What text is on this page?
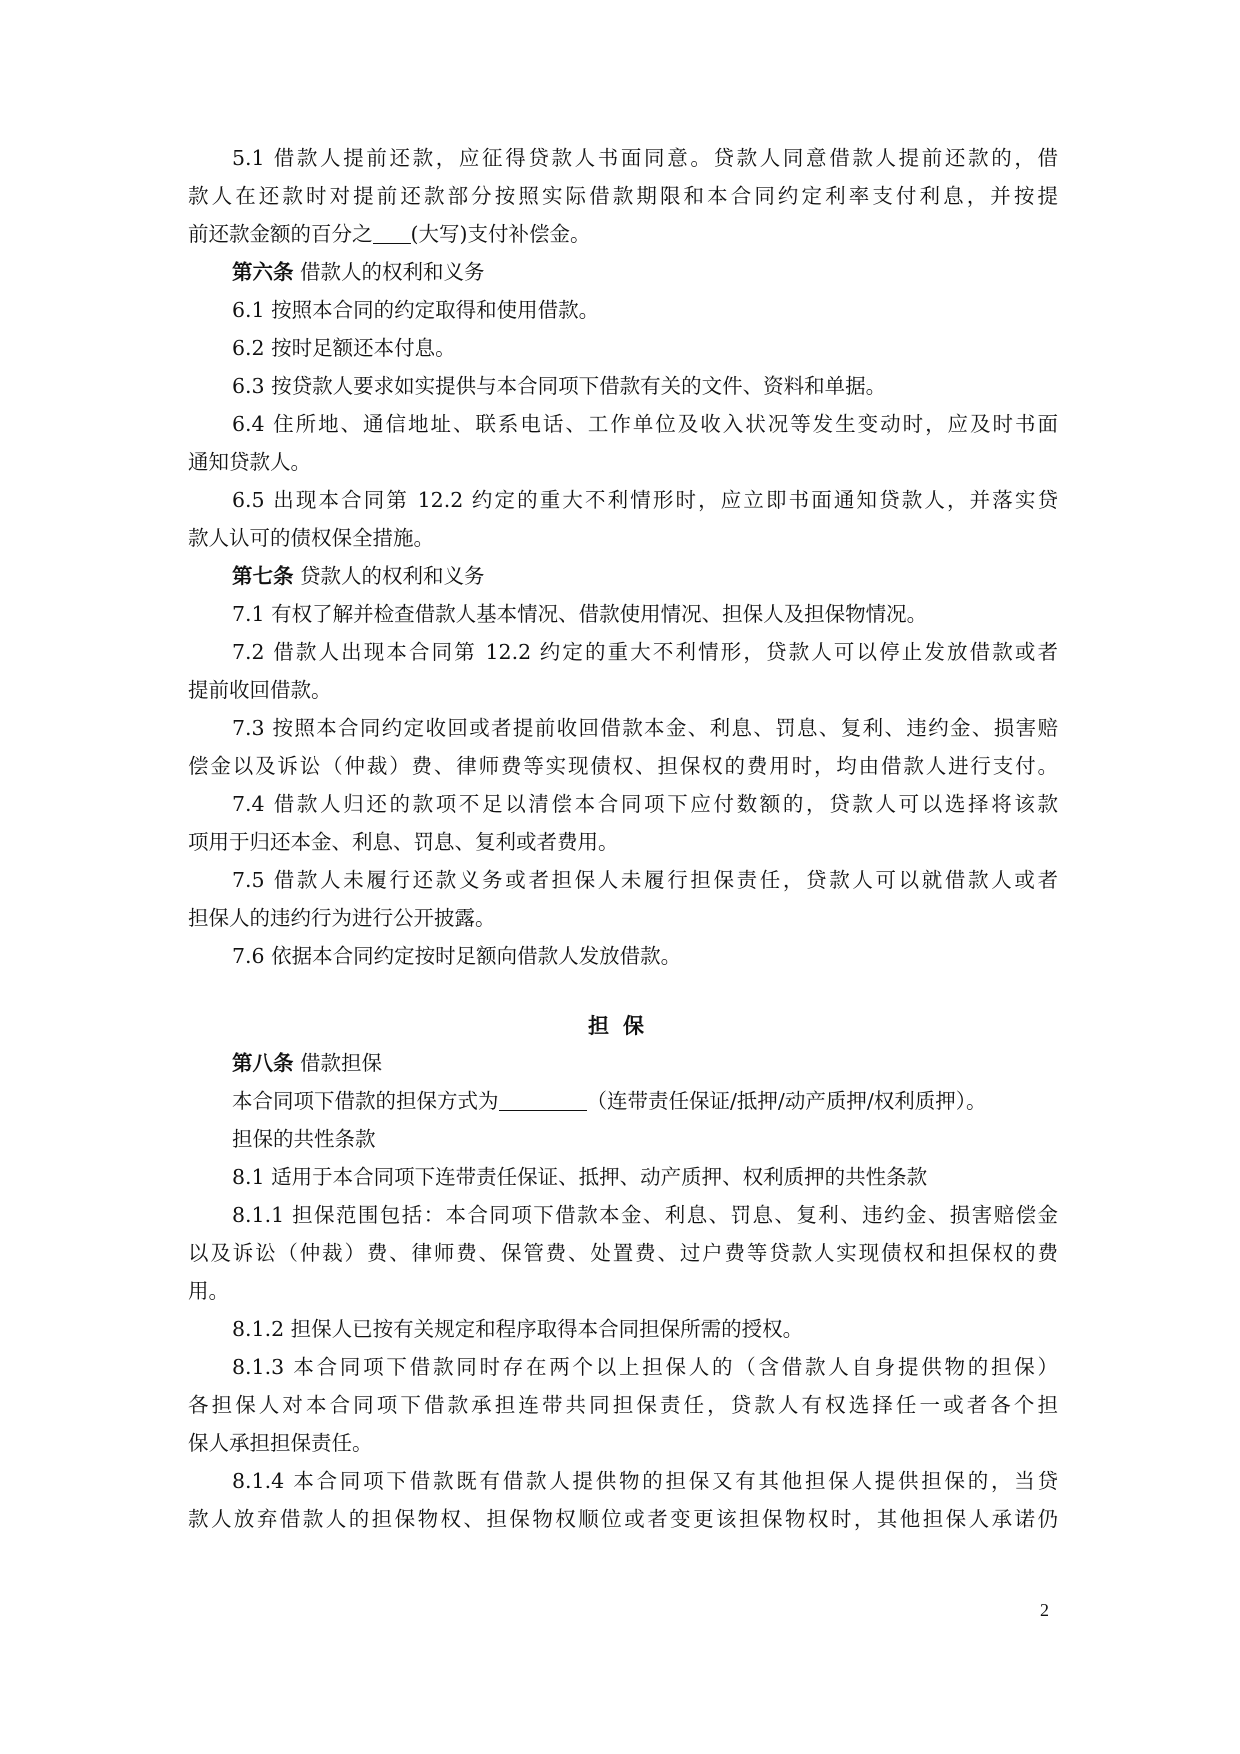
5.1 借款人提前还款，应征得贷款人书面同意。贷款人同意借款人提前还款的，借
款人在还款时对提前还款部分按照实际借款期限和本合同约定利率支付利息，并按提
前还款金额的百分之 (大写)支付补偿金。
第六条 借款人的权利和义务
6.1 按照本合同的约定取得和使用借款。
6.2 按时足额还本付息。
6.3 按贷款人要求如实提供与本合同项下借款有关的文件、资料和单据。
6.4 住所地、通信地址、联系电话、工作单位及收入状况等发生变动时，应及时书面
通知贷款人。
6.5 出现本合同第 12.2 约定的重大不利情形时，应立即书面通知贷款人，并落实贷
款人认可的债权保全措施。
第七条 贷款人的权利和义务
7.1 有权了解并检查借款人基本情况、借款使用情况、担保人及担保物情况。
7.2 借款人出现本合同第 12.2 约定的重大不利情形，贷款人可以停止发放借款或者
提前收回借款。
7.3 按照本合同约定收回或者提前收回借款本金、利息、罚息、复利、违约金、损害赔
偿金以及诉讼（仲裁）费、律师费等实现债权、担保权的费用时，均由借款人进行支付。
7.4 借款人归还的款项不足以清偿本合同项下应付数额的，贷款人可以选择将该款
项用于归还本金、利息、罚息、复利或者费用。
7.5 借款人未履行还款义务或者担保人未履行担保责任，贷款人可以就借款人或者
担保人的违约行为进行公开披露。
7.6 依据本合同约定按时足额向借款人发放借款。
担保
第八条 借款担保
本合同项下借款的担保方式为	（连带责任保证/抵押/动产质押/权利质押）。
担保的共性条款
8.1 适用于本合同项下连带责任保证、抵押、动产质押、权利质押的共性条款
8.1.1 担保范围包括：本合同项下借款本金、利息、罚息、复利、违约金、损害赔偿金
以及诉讼（仲裁）费、律师费、保管费、处置费、过户费等贷款人实现债权和担保权的费
用。
8.1.2 担保人已按有关规定和程序取得本合同担保所需的授权。
8.1.3 本合同项下借款同时存在两个以上担保人的（含借款人自身提供物的担保）
各担保人对本合同项下借款承担连带共同担保责任，贷款人有权选择任一或者各个担
保人承担担保责任。
8.1.4 本合同项下借款既有借款人提供物的担保又有其他担保人提供担保的，当贷
款人放弃借款人的担保物权、担保物权顺位或者变更该担保物权时，其他担保人承诺仍
2
